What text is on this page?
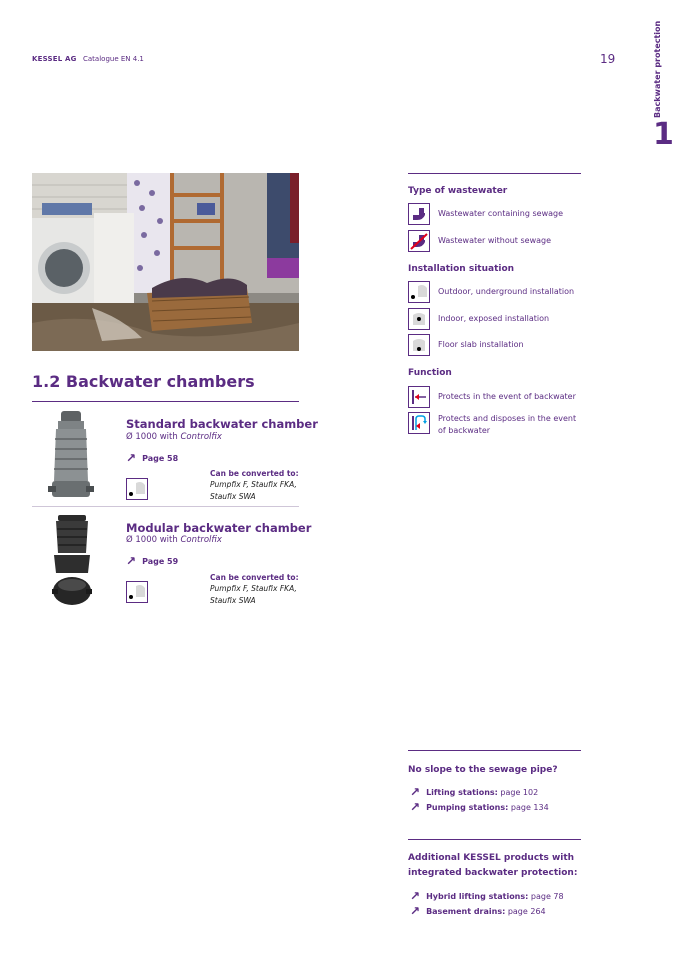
KESSEL AG Catalogue EN 4.1	19	Backwater protection
1
1.2 Backwater chambers
Standard backwater chamber
Ø 1000 with Controlfix
↗ Page 58
Can be converted to:
Pumpfix F, Staufix FKA,
Staufix SWA
Modular backwater chamber
Ø 1000 with Controlfix
↗ Page 59
Can be converted to:
Pumpfix F, Staufix FKA,
Staufix SWA
Type of wastewater
Wastewater containing sewage
Wastewater without sewage
Installation situation
Outdoor, underground installation
Indoor, exposed installation
Floor slab installation
Function
Protects in the event of backwater
Protects and disposes in the event
of backwater
No slope to the sewage pipe?
↗ Lifting stations: page 102
↗ Pumping stations: page 134
Additional KESSEL products with
integrated backwater protection:
↗ Hybrid lifting stations: page 78
↗ Basement drains: page 264
